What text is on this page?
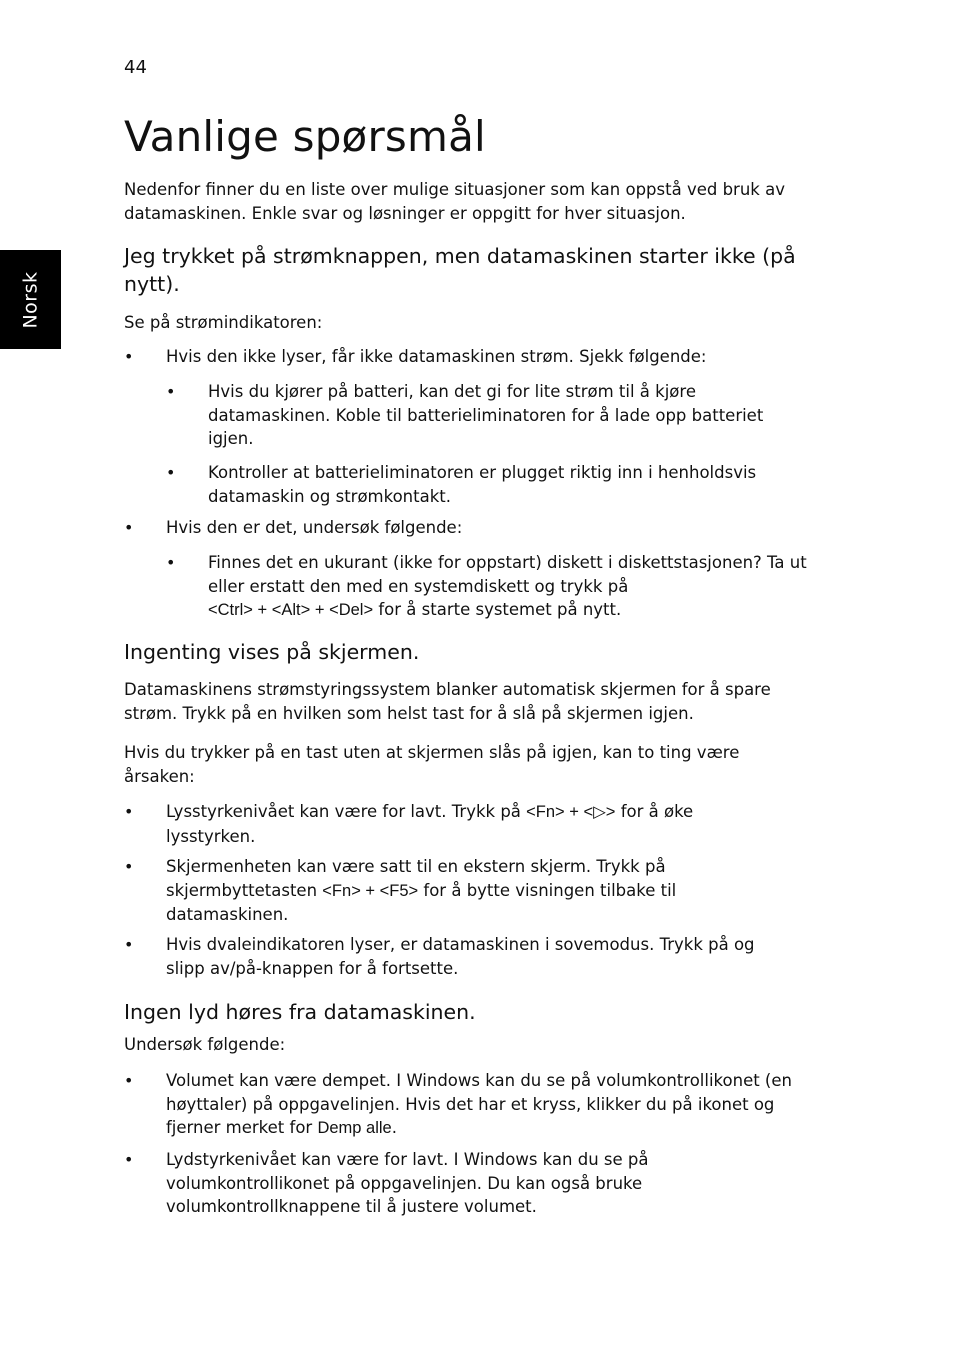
44
Norsk
Vanlige spørsmål

Nedenfor finner du en liste over mulige situasjoner som kan oppstå ved bruk av datamaskinen. Enkle svar og løsninger er oppgitt for hver situasjon.

Jeg trykket på strømknappen, men datamaskinen starter ikke (på nytt).

Se på strømindikatoren:

• Hvis den ikke lyser, får ikke datamaskinen strøm. Sjekk følgende:

• Hvis du kjører på batteri, kan det gi for lite strøm til å kjøre datamaskinen. Koble til batterieliminatoren for å lade opp batteriet igjen.

• Kontroller at batterieliminatoren er plugget riktig inn i henholdsvis datamaskin og strømkontakt.

• Hvis den er det, undersøk følgende:

• Finnes det en ukurant (ikke for oppstart) diskett i diskettstasjonen? Ta ut eller erstatt den med en systemdiskett og trykk på
<Ctrl> + <Alt> + <Del> for å starte systemet på nytt.

Ingenting vises på skjermen.

Datamaskinens strømstyringssystem blanker automatisk skjermen for å spare strøm. Trykk på en hvilken som helst tast for å slå på skjermen igjen.

Hvis du trykker på en tast uten at skjermen slås på igjen, kan to ting være årsaken:

• Lysstyrkenivået kan være for lavt. Trykk på <Fn> + <▷> for å øke lysstyrken.

• Skjermenheten kan være satt til en ekstern skjerm. Trykk på skjermbyttetasten <Fn> + <F5> for å bytte visningen tilbake til datamaskinen.

• Hvis dvaleindikatoren lyser, er datamaskinen i sovemodus. Trykk på og slipp av/på-knappen for å fortsette.

Ingen lyd høres fra datamaskinen.

Undersøk følgende:

• Volumet kan være dempet. I Windows kan du se på volumkontrollikonet (en høyttaler) på oppgavelinjen. Hvis det har et kryss, klikker du på ikonet og fjerner merket for Demp alle.

• Lydstyrkenivået kan være for lavt. I Windows kan du se på volumkontrollikonet på oppgavelinjen. Du kan også bruke volumkontrollknappene til å justere volumet.
